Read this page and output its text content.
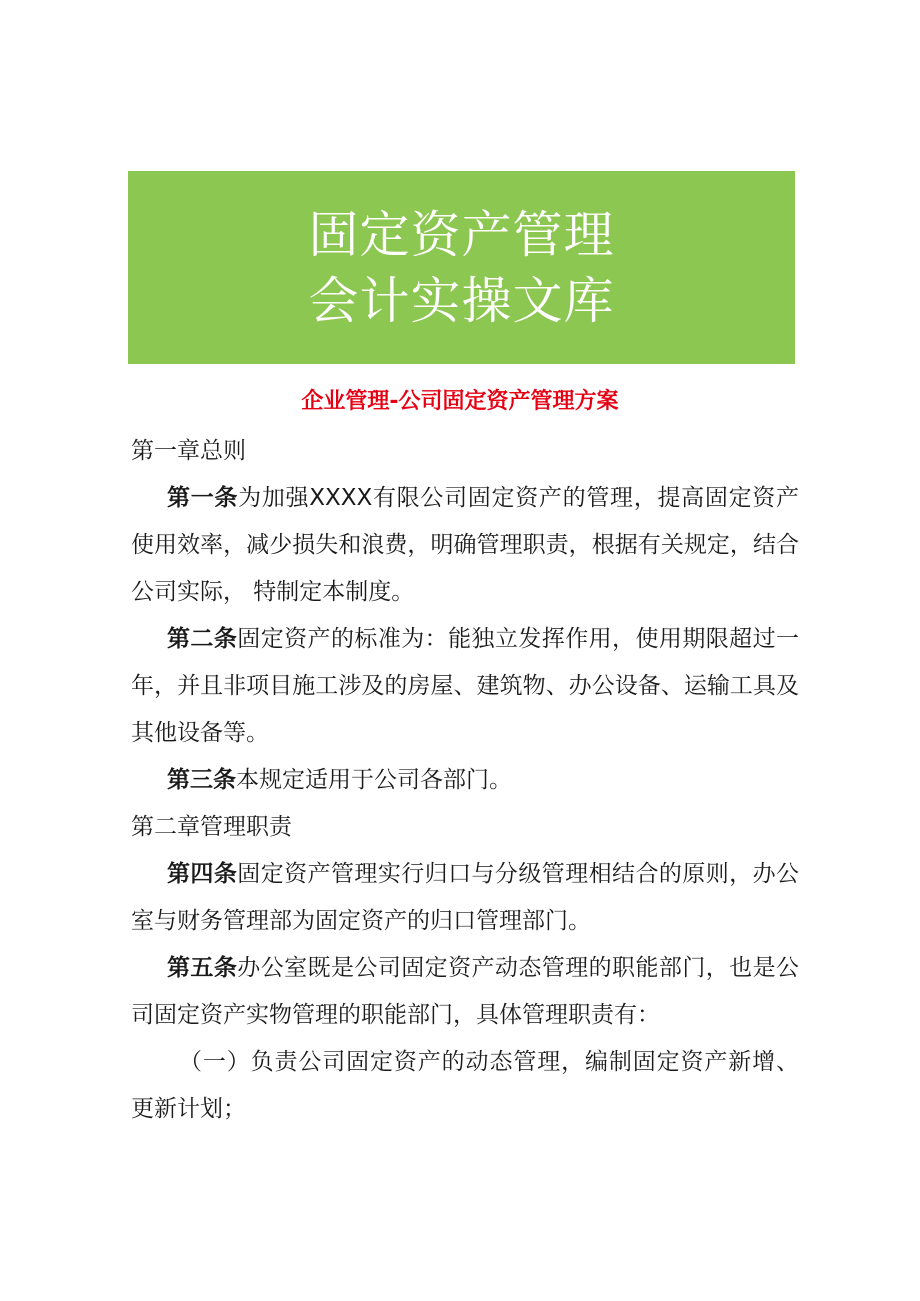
固定资产管理
会计实操文库
企业管理-公司固定资产管理方案

第一章总则

第一条为加强XXXX有限公司固定资产的管理，提高固定资产使用效率，减少损失和浪费，明确管理职责，根据有关规定，结合公司实际， 特制定本制度。

第二条固定资产的标准为：能独立发挥作用，使用期限超过一年，并且非项目施工涉及的房屋、建筑物、办公设备、运输工具及其他设备等。

第三条本规定适用于公司各部门。

第二章管理职责

第四条固定资产管理实行归口与分级管理相结合的原则，办公室与财务管理部为固定资产的归口管理部门。

第五条办公室既是公司固定资产动态管理的职能部门，也是公司固定资产实物管理的职能部门，具体管理职责有：

（一）负责公司固定资产的动态管理，编制固定资产新增、更新计划；
